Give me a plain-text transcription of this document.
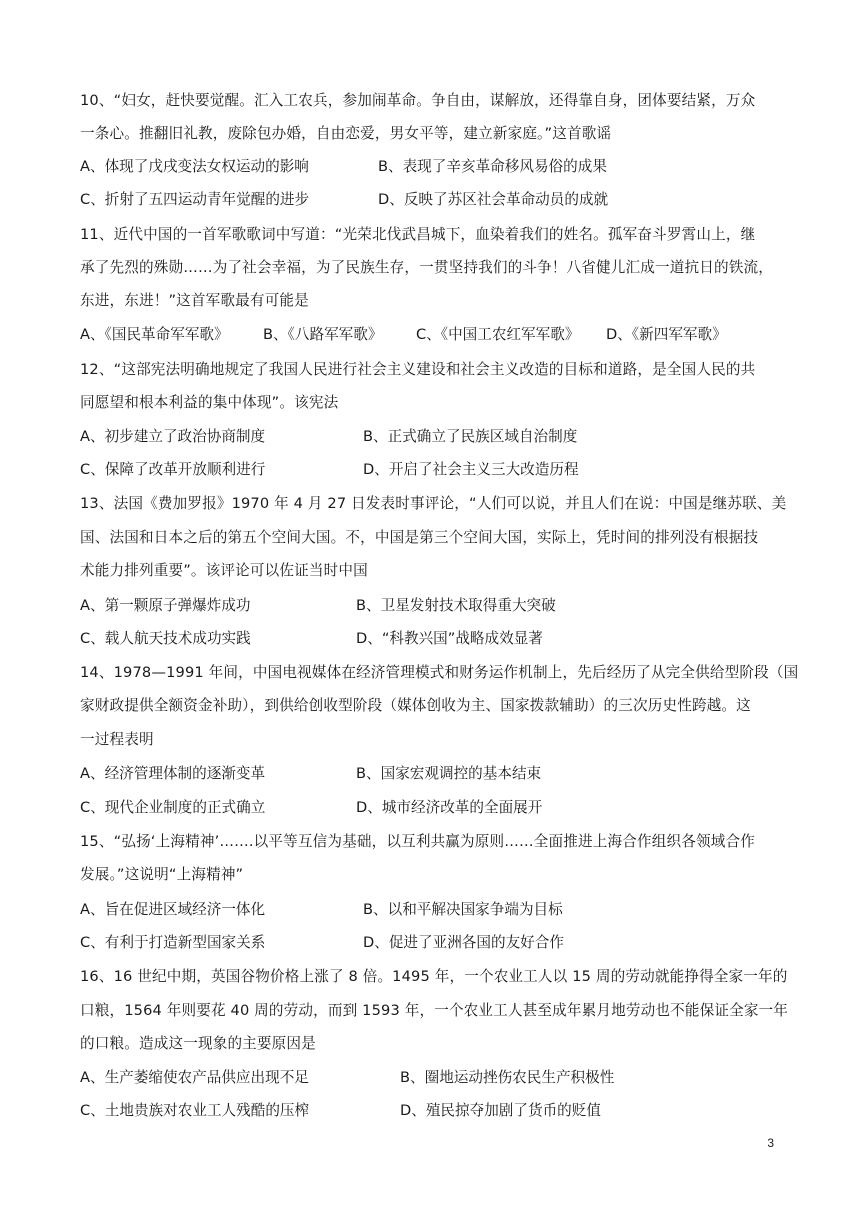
10、“妇女，赶快要觉醒。汇入工农兵，参加闹革命。争自由，谋解放，还得靠自身，团体要结紧，万众
一条心。推翻旧礼教，废除包办婚，自由恋爱，男女平等，建立新家庭。”这首歌谣
A、体现了戊戌变法女权运动的影响	B、表现了辛亥革命移风易俗的成果
C、折射了五四运动青年觉醒的进步	D、反映了苏区社会革命动员的成就
11、近代中国的一首军歌歌词中写道：“光荣北伐武昌城下，血染着我们的姓名。孤军奋斗罗霄山上，继
承了先烈的殊勋……为了社会幸福，为了民族生存，一贯坚持我们的斗争！八省健儿汇成一道抗日的铁流，
东进，东进！”这首军歌最有可能是
A、《国民革命军军歌》 B、《八路军军歌》 C、《中国工农红军军歌》 D、《新四军军歌》
12、“这部宪法明确地规定了我国人民进行社会主义建设和社会主义改造的目标和道路，是全国人民的共
同愿望和根本利益的集中体现”。该宪法
A、初步建立了政治协商制度	B、正式确立了民族区域自治制度
C、保障了改革开放顺利进行	D、开启了社会主义三大改造历程
13、法国《费加罗报》1970 年 4 月 27 日发表时事评论，“人们可以说，并且人们在说：中国是继苏联、美
国、法国和日本之后的第五个空间大国。不，中国是第三个空间大国，实际上，凭时间的排列没有根据技
术能力排列重要”。该评论可以佐证当时中国
A、第一颗原子弹爆炸成功	B、卫星发射技术取得重大突破
C、载人航天技术成功实践	D、“科教兴国”战略成效显著
14、1978—1991 年间，中国电视媒体在经济管理模式和财务运作机制上，先后经历了从完全供给型阶段（国
家财政提供全额资金补助），到供给创收型阶段（媒体创收为主、国家拨款辅助）的三次历史性跨越。这
一过程表明
A、经济管理体制的逐渐变革	B、国家宏观调控的基本结束
C、现代企业制度的正式确立	D、城市经济改革的全面展开
15、“弘扬‘上海精神’…….以平等互信为基础，以互利共赢为原则……全面推进上海合作组织各领域合作
发展。”这说明“上海精神”
A、旨在促进区域经济一体化	B、以和平解决国家争端为目标
C、有利于打造新型国家关系	D、促进了亚洲各国的友好合作
16、16 世纪中期，英国谷物价格上涨了 8 倍。1495 年，一个农业工人以 15 周的劳动就能挣得全家一年的
口粮，1564 年则要花 40 周的劳动，而到 1593 年，一个农业工人甚至成年累月地劳动也不能保证全家一年
的口粮。造成这一现象的主要原因是
A、生产萎缩使农产品供应出现不足	B、圈地运动挫伤农民生产积极性
C、土地贵族对农业工人残酷的压榨	D、殖民掠夺加剧了货币的贬值
3
